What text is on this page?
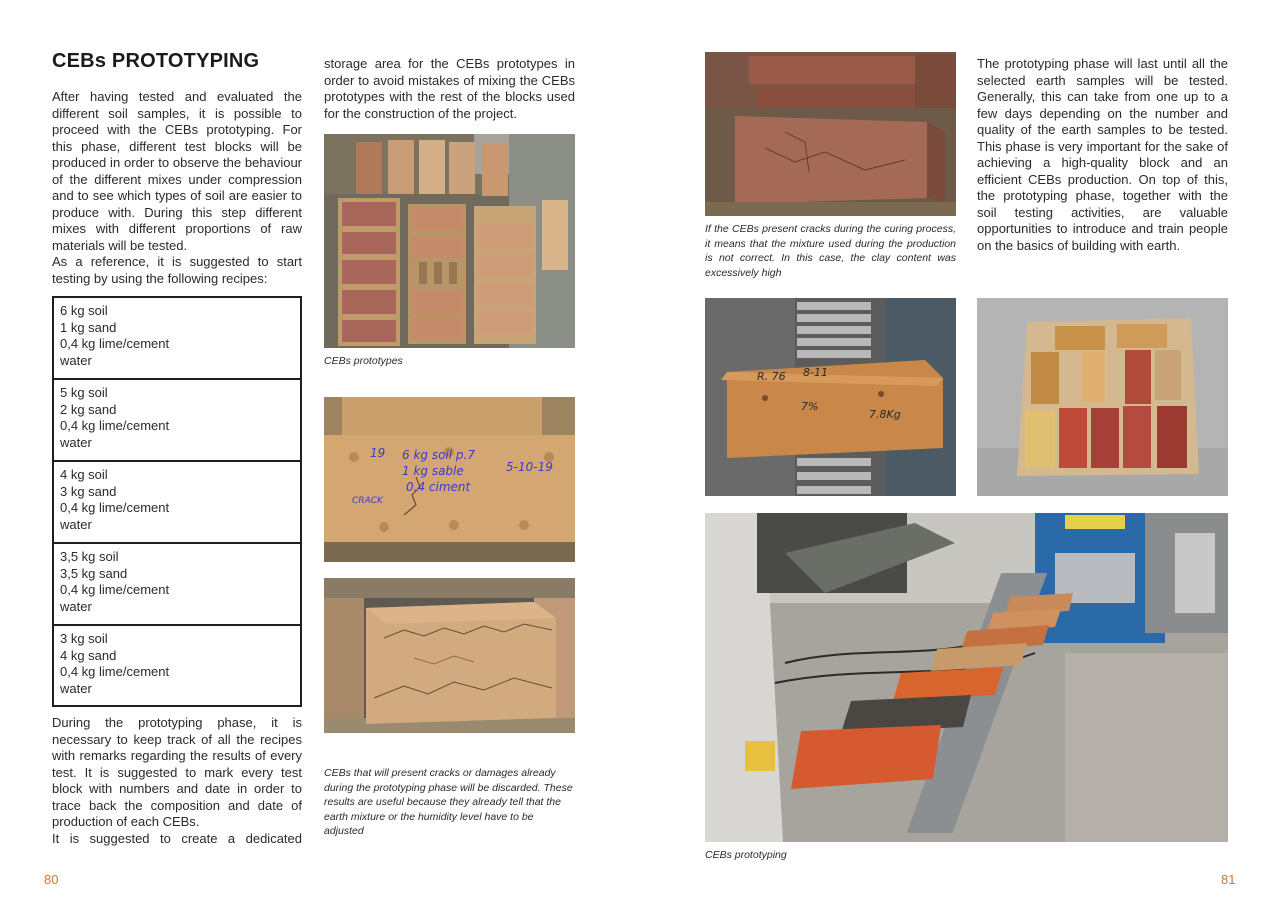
CEBs PROTOTYPING

After having tested and evaluated the different soil samples, it is possible to proceed with the CEBs prototyping. For this phase, different test blocks will be produced in order to observe the behaviour of the different mixes under compression and to see which types of soil are easier to produce with. During this step different mixes with different proportions of raw materials will be tested.

As a reference, it is suggested to start testing by using the following recipes:

6 kg soil
1 kg sand
0,4 kg lime/cement
water
5 kg soil
2 kg sand
0,4 kg lime/cement
water
4 kg soil
3 kg sand
0,4 kg lime/cement
water
3,5 kg soil
3,5 kg sand
0,4 kg lime/cement
water
3 kg soil
4 kg sand
0,4 kg lime/cement
water

During the prototyping phase, it is necessary to keep track of all the recipes with remarks regarding the results of every test. It is suggested to mark every test block with numbers and date in order to trace back the composition and date of production of each CEBs.

It is suggested to create a dedicated

storage area for the CEBs prototypes in order to avoid mistakes of mixing the CEBs prototypes with the rest of the blocks used for the construction of the project.

CEBs prototypes
19 6 kg soil p.7
1 kg sable
0.4 ciment
5-10-19
CRACK
CEBs that will present cracks or damages already during the prototyping phase will be discarded. These results are useful because they already tell that the earth mixture or the humidity level have to be adjusted
80
If the CEBs present cracks during the curing process, it means that the mixture used during the production is not correct. In this case, the clay content was excessively high

The prototyping phase will last until all the selected earth samples will be tested. Generally, this can take from one up to a few days depending on the number and quality of the earth samples to be tested. This phase is very important for the sake of achieving a high-quality block and an efficient CEBs production. On top of this, the prototyping phase, together with the soil testing activities, are valuable opportunities to introduce and train people on the basics of building with earth.

R. 76 8-11
7%
7.8Kg
CEBs prototyping
81
